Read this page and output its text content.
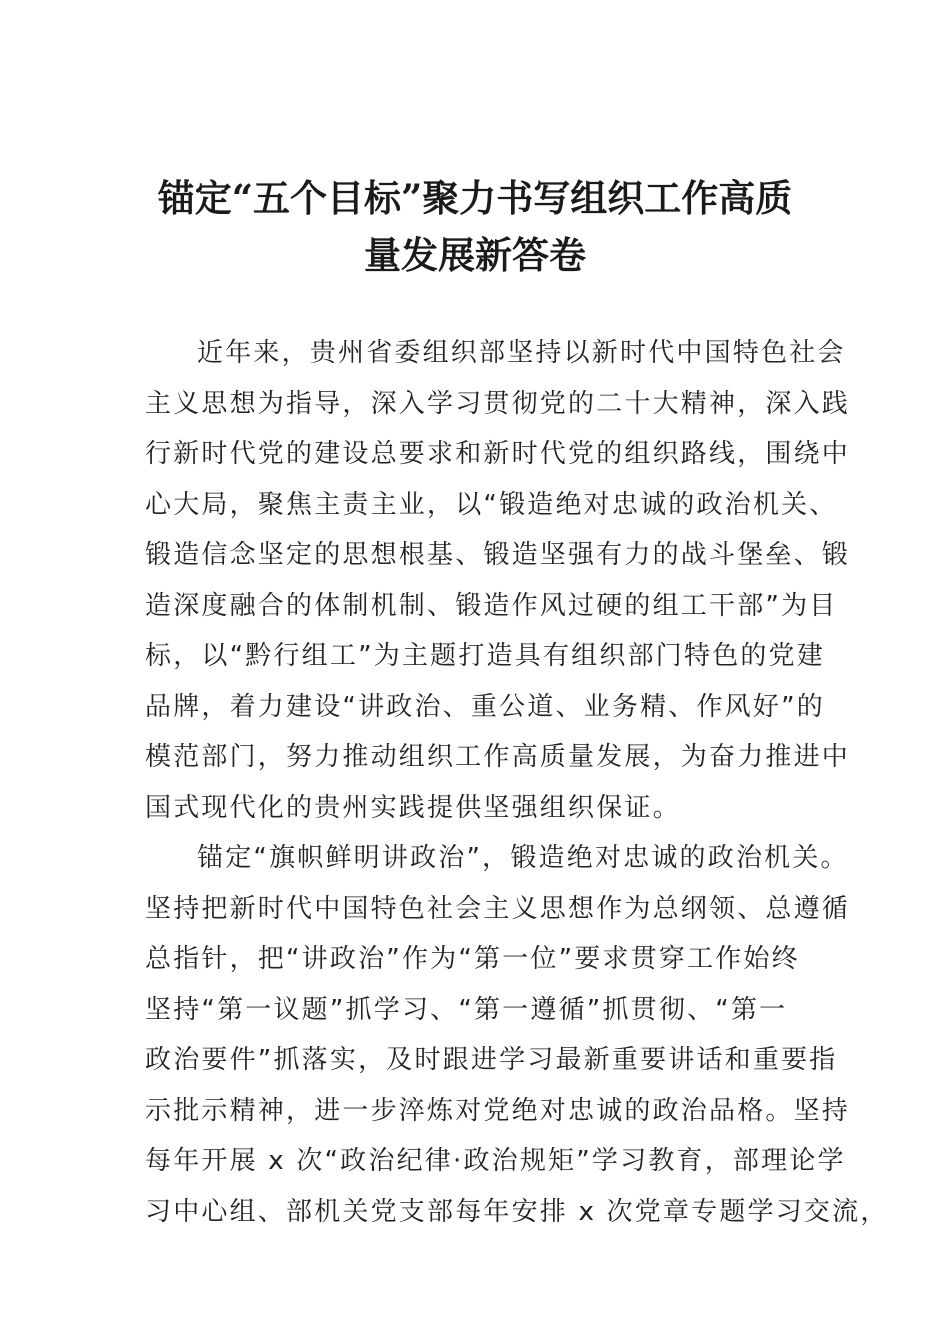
锚定“五个目标”聚力书写组织工作高质
量发展新答卷
近年来，贵州省委组织部坚持以新时代中国特色社会
主义思想为指导，深入学习贯彻党的二十大精神，深入践
行新时代党的建设总要求和新时代党的组织路线，围绕中
心大局，聚焦主责主业，以“锻造绝对忠诚的政治机关、
锻造信念坚定的思想根基、锻造坚强有力的战斗堡垒、锻
造深度融合的体制机制、锻造作风过硬的组工干部”为目
标，以“黔行组工”为主题打造具有组织部门特色的党建
品牌，着力建设“讲政治、重公道、业务精、作风好”的
模范部门，努力推动组织工作高质量发展，为奋力推进中
国式现代化的贵州实践提供坚强组织保证。
锚定“旗帜鲜明讲政治”，锻造绝对忠诚的政治机关。
坚持把新时代中国特色社会主义思想作为总纲领、总遵循
总指针，把“讲政治”作为“第一位”要求贯穿工作始终
坚持“第一议题”抓学习、“第一遵循”抓贯彻、“第一
政治要件”抓落实，及时跟进学习最新重要讲话和重要指
示批示精神，进一步淬炼对党绝对忠诚的政治品格。坚持
每年开展 x 次“政治纪律·政治规矩”学习教育，部理论学
习中心组、部机关党支部每年安排 x 次党章专题学习交流，
